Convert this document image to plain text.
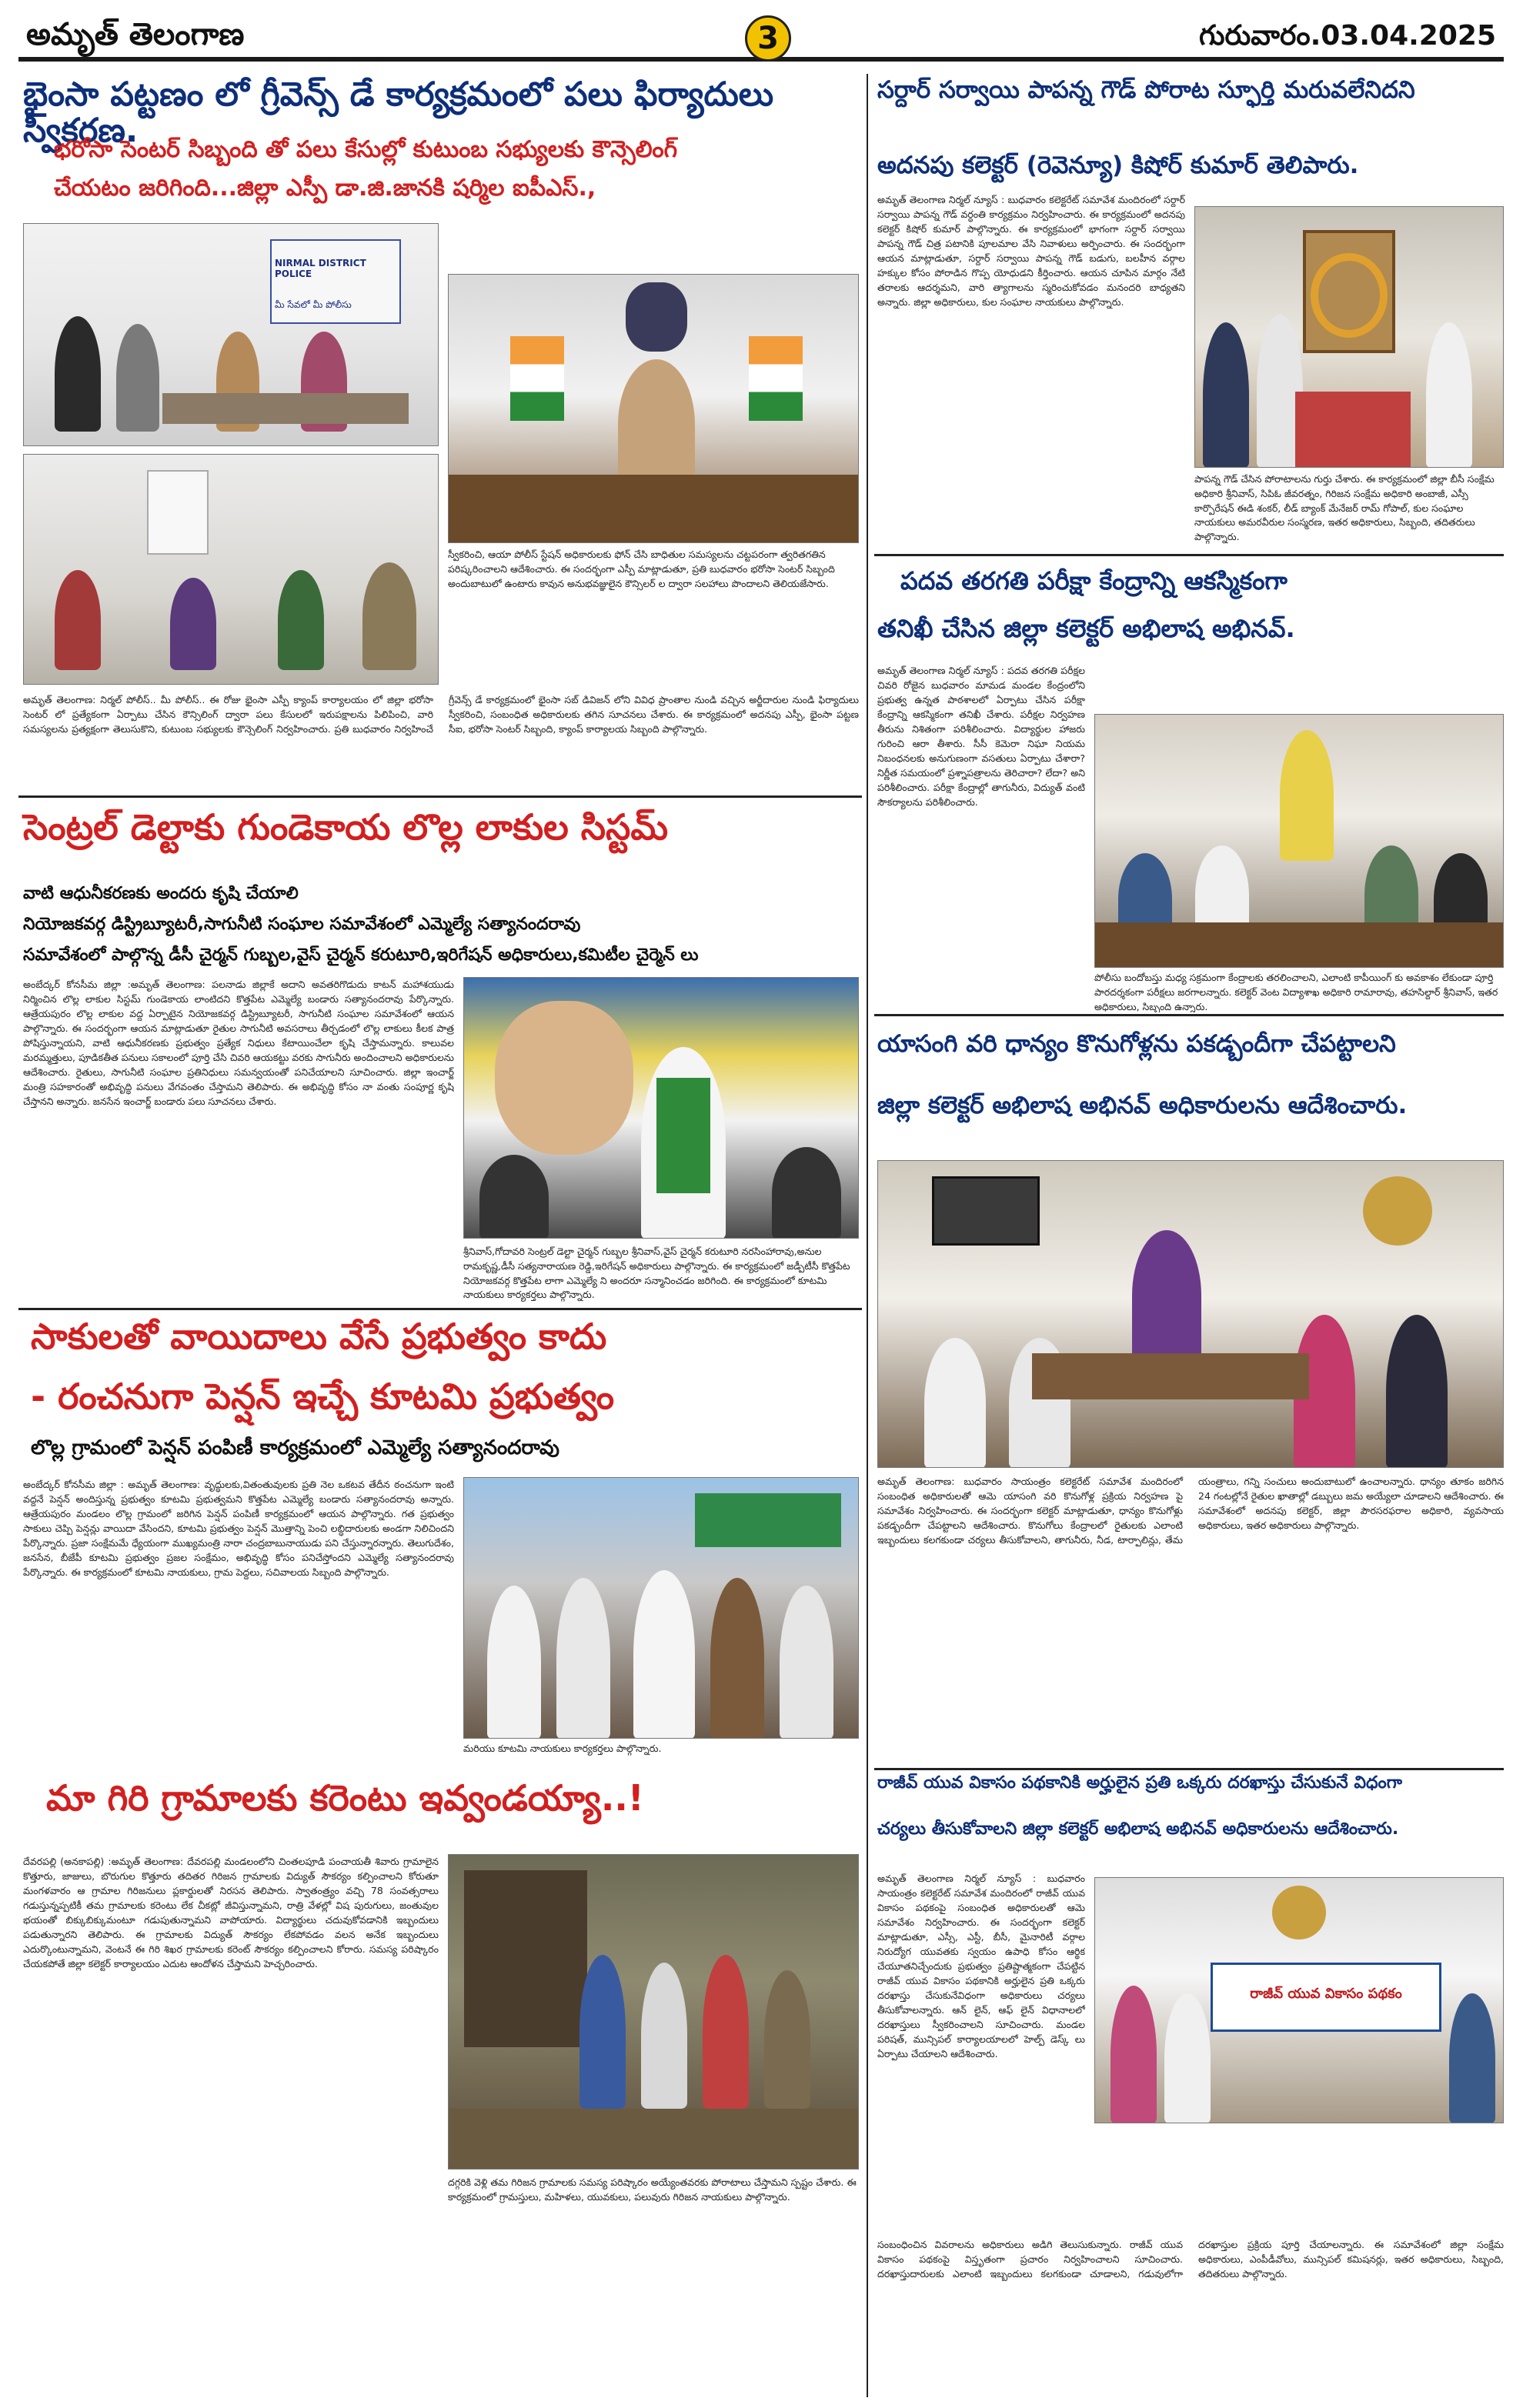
అమృత్ తెలంగాణ	3	గురువారం.03.04.2025
భైంసా పట్టణం లో గ్రీవెన్స్ డే కార్యక్రమంలో పలు ఫిర్యాదులు స్వీకరణ.
భరోసా సెంటర్ సిబ్బంది తో పలు కేసుల్లో కుటుంబ సభ్యులకు కౌన్సెలింగ్
చేయటం జరిగింది...జిల్లా ఎస్పీ డా.జి.జానకి షర్మిల ఐపీఎస్.,
NIRMAL DISTRICT POLICE
మీ సేవలో మీ పోలీసు
స్వీకరించి, ఆయా పోలీస్ స్టేషన్ అధికారులకు ఫోన్ చేసి బాధితుల సమస్యలను చట్టపరంగా త్వరితగతిన పరిష్కరించాలని ఆదేశించారు. ఈ సందర్భంగా ఎస్పీ మాట్లాడుతూ, ప్రతి బుధవారం భరోసా సెంటర్ సిబ్బంది అందుబాటులో ఉంటారు కావున అనుభవజ్ఞులైన కౌన్సిలర్ ల ద్వారా సలహాలు పొందాలని తెలియజేసారు.
అమృత్ తెలంగాణ: నిర్మల్ పోలీస్.. మీ పోలీస్.. ఈ రోజు భైంసా ఎస్పీ క్యాంప్ కార్యాలయం లో జిల్లా భరోసా సెంటర్ లో ప్రత్యేకంగా ఏర్పాటు చేసిన కౌన్సిలింగ్ ద్వారా పలు కేసులలో ఇరుపక్షాలను పిలిపించి, వారి సమస్యలను ప్రత్యక్షంగా తెలుసుకొని, కుటుంబ సభ్యులకు కౌన్సెలింగ్ నిర్వహించారు. ప్రతి బుధవారం నిర్వహించే గ్రీవెన్స్ డే కార్యక్రమంలో భైంసా సబ్ డివిజన్ లోని వివిధ ప్రాంతాల నుండి వచ్చిన అర్జీదారుల నుండి ఫిర్యాదులు స్వీకరించి, సంబంధిత అధికారులకు తగిన సూచనలు చేశారు. ఈ కార్యక్రమంలో అదనపు ఎస్పీ, భైంసా పట్టణ సీఐ, భరోసా సెంటర్ సిబ్బంది, క్యాంప్ కార్యాలయ సిబ్బంది పాల్గొన్నారు.
సెంట్రల్ డెల్టాకు గుండెకాయ లొల్ల లాకుల సిస్టమ్
వాటి ఆధునీకరణకు అందరు కృషి చేయాలి
నియోజకవర్గ డిస్ట్రిబ్యూటరీ,సాగునీటి సంఘాల సమావేశంలో ఎమ్మెల్యే సత్యానందరావు
సమావేశంలో పాల్గొన్న డీసీ చైర్మన్ గుబ్బల,వైస్ చైర్మన్ కరుటూరి,ఇరిగేషన్ అధికారులు,కమిటీల చైర్మెన్ లు
అంబేద్కర్ కోనసీమ జిల్లా :అమృత్ తెలంగాణ: పలనాడు జిల్లాకే అదాని అవతరిగొడుదు కాటన్ మహాశయుడు నిర్మించిన లొల్ల లాకుల సిస్టమ్ గుండెకాయ లాంటిదని కొత్తపేట ఎమ్మెల్యే బండారు సత్యానందరావు పేర్కొన్నారు. ఆత్రేయపురం లొల్ల లాకుల వద్ద ఏర్పాటైన నియోజకవర్గ డిస్ట్రిబ్యూటరీ, సాగునీటి సంఘాల సమావేశంలో ఆయన పాల్గొన్నారు. ఈ సందర్భంగా ఆయన మాట్లాడుతూ రైతుల సాగునీటి అవసరాలు తీర్చడంలో లొల్ల లాకులు కీలక పాత్ర పోషిస్తున్నాయని, వాటి ఆధునీకరణకు ప్రభుత్వం ప్రత్యేక నిధులు కేటాయించేలా కృషి చేస్తామన్నారు. కాలువల మరమ్మత్తులు, పూడికతీత పనులు సకాలంలో పూర్తి చేసి చివరి ఆయకట్టు వరకు సాగునీరు అందించాలని అధికారులను ఆదేశించారు. రైతులు, సాగునీటి సంఘాల ప్రతినిధులు సమన్వయంతో పనిచేయాలని సూచించారు. జిల్లా ఇంచార్జ్ మంత్రి సహకారంతో అభివృద్ధి పనులు వేగవంతం చేస్తామని తెలిపారు. ఈ అభివృద్ధి కోసం నా వంతు సంపూర్ణ కృషి చేస్తానని అన్నారు. జనసేన ఇంచార్జ్ బండారు పలు సూచనలు చేశారు.
శ్రీనివాస్,గోదావరి సెంట్రల్ డెల్టా చైర్మన్ గుబ్బల శ్రీనివాస్,వైస్ చైర్మన్ కరుటూరి నరసింహారావు,అనుల రామకృష్ణ,డీసీ సత్యనారాయణ రెడ్డి,ఇరిగేషన్ అధికారులు పాల్గొన్నారు. ఈ కార్యక్రమంలో జడ్పీటీసీ కొత్తపేట నియోజకవర్గ కొత్తపేట లాగా ఎమ్మెల్యే ని అందరూ సన్మానించడం జరిగింది. ఈ కార్యక్రమంలో కూటమి నాయకులు కార్యకర్తలు పాల్గొన్నారు.
సాకులతో వాయిదాలు వేసే ప్రభుత్వం కాదు
- రంచనుగా పెన్షన్ ఇచ్చే కూటమి ప్రభుత్వం
లొల్ల గ్రామంలో పెన్షన్ పంపిణీ కార్యక్రమంలో ఎమ్మెల్యే సత్యానందరావు
అంబేద్కర్ కోనసీమ జిల్లా : అమృత్ తెలంగాణ: వృద్ధులకు,వితంతువులకు ప్రతి నెల ఒకటవ తేదీన ఠంచనుగా ఇంటి వద్దనే పెన్షన్ అందిస్తున్న ప్రభుత్వం కూటమి ప్రభుత్వమని కొత్తపేట ఎమ్మెల్యే బండారు సత్యానందరావు అన్నారు. ఆత్రేయపురం మండలం లొల్ల గ్రామంలో జరిగిన పెన్షన్ పంపిణీ కార్యక్రమంలో ఆయన పాల్గొన్నారు. గత ప్రభుత్వం సాకులు చెప్పి పెన్షన్లు వాయిదా వేసిందని, కూటమి ప్రభుత్వం పెన్షన్ మొత్తాన్ని పెంచి లబ్ధిదారులకు అండగా నిలిచిందని పేర్కొన్నారు. ప్రజా సంక్షేమమే ధ్యేయంగా ముఖ్యమంత్రి నారా చంద్రబాబునాయుడు పని చేస్తున్నారన్నారు. తెలుగుదేశం, జనసేన, బీజేపీ కూటమి ప్రభుత్వం ప్రజల సంక్షేమం, అభివృద్ధి కోసం పనిచేస్తోందని ఎమ్మెల్యే సత్యానందరావు పేర్కొన్నారు. ఈ కార్యక్రమంలో కూటమి నాయకులు, గ్రామ పెద్దలు, సచివాలయ సిబ్బంది పాల్గొన్నారు.
మరియు కూటమి నాయకులు కార్యకర్తలు పాల్గొన్నారు.
మా గిరి గ్రామాలకు కరెంటు ఇవ్వండయ్యా..!
దేవరపల్లి (అనకాపల్లి) :అమృత్ తెలంగాణ: దేవరపల్లి మండలంలోని చింతలపూడి పంచాయతీ శివారు గ్రామాలైన కొత్తూరు, జాజులు, బొరుగుల కొత్తూరు తదితర గిరిజన గ్రామాలకు విద్యుత్ సౌకర్యం కల్పించాలని కోరుతూ మంగళవారం ఆ గ్రామాల గిరిజనులు ప్లకార్డులతో నిరసన తెలిపారు. స్వాతంత్ర్యం వచ్చి 78 సంవత్సరాలు గడుస్తున్నప్పటికీ తమ గ్రామాలకు కరెంటు లేక చీకట్లో జీవిస్తున్నామని, రాత్రి వేళల్లో విష పురుగులు, జంతువుల భయంతో బిక్కుబిక్కుమంటూ గడుపుతున్నామని వాపోయారు. విద్యార్థులు చదువుకోవడానికి ఇబ్బందులు పడుతున్నారని తెలిపారు. ఈ గ్రామాలకు విద్యుత్ సౌకర్యం లేకపోవడం వలన అనేక ఇబ్బందులు ఎదుర్కొంటున్నామని, వెంటనే ఈ గిరి శిఖర గ్రామాలకు కరెంట్ సౌకర్యం కల్పించాలని కోరారు. సమస్య పరిష్కారం చేయకపోతే జిల్లా కలెక్టర్ కార్యాలయం ఎదుట ఆందోళన చేస్తామని హెచ్చరించారు.
దగ్గరికి వెళ్లి తమ గిరిజన గ్రామాలకు సమస్య పరిష్కారం అయ్యేంతవరకు పోరాటాలు చేస్తామని స్పష్టం చేశారు. ఈ కార్యక్రమంలో గ్రామస్తులు, మహిళలు, యువకులు, పలువురు గిరిజన నాయకులు పాల్గొన్నారు.
సర్దార్ సర్వాయి పాపన్న గౌడ్ పోరాట స్ఫూర్తి మరువలేనిదని
అదనపు కలెక్టర్ (రెవెన్యూ) కిషోర్ కుమార్ తెలిపారు.
అమృత్ తెలంగాణ నిర్మల్ న్యూస్ : బుధవారం కలెక్టరేట్ సమావేశ మందిరంలో సర్దార్ సర్వాయి పాపన్న గౌడ్ వర్ధంతి కార్యక్రమం నిర్వహించారు. ఈ కార్యక్రమంలో అదనపు కలెక్టర్ కిషోర్ కుమార్ పాల్గొన్నారు. ఈ కార్యక్రమంలో భాగంగా సర్దార్ సర్వాయి పాపన్న గౌడ్ చిత్ర పటానికి పూలమాల వేసి నివాళులు అర్పించారు. ఈ సందర్భంగా ఆయన మాట్లాడుతూ, సర్దార్ సర్వాయి పాపన్న గౌడ్ బడుగు, బలహీన వర్గాల హక్కుల కోసం పోరాడిన గొప్ప యోధుడని కీర్తించారు. ఆయన చూపిన మార్గం నేటి తరాలకు ఆదర్శమని, వారి త్యాగాలను స్మరించుకోవడం మనందరి బాధ్యతని అన్నారు. జిల్లా అధికారులు, కుల సంఘాల నాయకులు పాల్గొన్నారు.
పాపన్న గౌడ్ చేసిన పోరాటాలను గుర్తు చేశారు. ఈ కార్యక్రమంలో జిల్లా బీసీ సంక్షేమ అధికారి శ్రీనివాస్, సిపిఓ జీవరత్నం, గిరిజన సంక్షేమ అధికారి అంబాజీ, ఎస్సీ కార్పొరేషన్ ఈడి శంకర్, లీడ్ బ్యాంక్ మేనేజర్ రామ్ గోపాల్, కుల సంఘాల నాయకులు అమరవీరుల సంస్మరణ, ఇతర అధికారులు, సిబ్బంది, తదితరులు పాల్గొన్నారు.
పదవ తరగతి పరీక్షా కేంద్రాన్ని ఆకస్మికంగా
తనిఖీ చేసిన జిల్లా కలెక్టర్ అభిలాష అభినవ్.
అమృత్ తెలంగాణ నిర్మల్ న్యూస్ : పదవ తరగతి పరీక్షల చివరి రోజైన బుధవారం మామడ మండల కేంద్రంలోని ప్రభుత్వ ఉన్నత పాఠశాలలో ఏర్పాటు చేసిన పరీక్షా కేంద్రాన్ని ఆకస్మికంగా తనిఖీ చేశారు. పరీక్షల నిర్వహణ తీరును నిశితంగా పరిశీలించారు. విద్యార్థుల హాజరు గురించి ఆరా తీశారు. సీసీ కెమెరా నిఘా నియమ నిబంధనలకు అనుగుణంగా వసతులు ఏర్పాటు చేశారా? నిర్ణీత సమయంలో ప్రశ్నాపత్రాలను తెరిచారా? లేదా? అని పరిశీలించారు. పరీక్షా కేంద్రాల్లో తాగునీరు, విద్యుత్ వంటి సౌకర్యాలను పరిశీలించారు.
పోలీసు బందోబస్తు మధ్య సక్రమంగా కేంద్రాలకు తరలించాలని, ఎలాంటి కాపీయింగ్ కు అవకాశం లేకుండా పూర్తి పారదర్శకంగా పరీక్షలు జరగాలన్నారు. కలెక్టర్ వెంట విద్యాశాఖ అధికారి రామారావు, తహసిల్దార్ శ్రీనివాస్, ఇతర అధికారులు, సిబ్బంది ఉన్నారు.
యాసంగి వరి ధాన్యం కొనుగోళ్లను పకడ్బందీగా చేపట్టాలని
జిల్లా కలెక్టర్ అభిలాష అభినవ్ అధికారులను ఆదేశించారు.
అమృత్ తెలంగాణ: బుధవారం సాయంత్రం కలెక్టరేట్ సమావేశ మందిరంలో సంబంధిత అధికారులతో ఆమె యాసంగి వరి కొనుగోళ్ల ప్రక్రియ నిర్వహణ పై సమావేశం నిర్వహించారు. ఈ సందర్భంగా కలెక్టర్ మాట్లాడుతూ, ధాన్యం కొనుగోళ్లు పకడ్బందీగా చేపట్టాలని ఆదేశించారు. కొనుగోలు కేంద్రాలలో రైతులకు ఎలాంటి ఇబ్బందులు కలగకుండా చర్యలు తీసుకోవాలని, తాగునీరు, నీడ, టార్పాలిన్లు, తేమ యంత్రాలు, గన్ని సంచులు అందుబాటులో ఉంచాలన్నారు. ధాన్యం తూకం జరిగిన 24 గంటల్లోనే రైతుల ఖాతాల్లో డబ్బులు జమ అయ్యేలా చూడాలని ఆదేశించారు. ఈ సమావేశంలో అదనపు కలెక్టర్, జిల్లా పౌరసరఫరాల అధికారి, వ్యవసాయ అధికారులు, ఇతర అధికారులు పాల్గొన్నారు.
రాజీవ్ యువ వికాసం పథకానికి అర్హులైన ప్రతి ఒక్కరు దరఖాస్తు చేసుకునే విధంగా
చర్యలు తీసుకోవాలని జిల్లా కలెక్టర్ అభిలాష అభినవ్ అధికారులను ఆదేశించారు.
అమృత్ తెలంగాణ నిర్మల్ న్యూస్ : బుధవారం సాయంత్రం కలెక్టరేట్ సమావేశ మందిరంలో రాజీవ్ యువ వికాసం పథకంపై సంబంధిత అధికారులతో ఆమె సమావేశం నిర్వహించారు. ఈ సందర్భంగా కలెక్టర్ మాట్లాడుతూ, ఎస్సీ, ఎస్టీ, బీసీ, మైనారిటీ వర్గాల నిరుద్యోగ యువతకు స్వయం ఉపాధి కోసం ఆర్థిక చేయూతనిచ్చేందుకు ప్రభుత్వం ప్రతిష్టాత్మకంగా చేపట్టిన రాజీవ్ యువ వికాసం పథకానికి అర్హులైన ప్రతి ఒక్కరు దరఖాస్తు చేసుకునేవిధంగా అధికారులు చర్యలు తీసుకోవాలన్నారు. ఆన్ లైన్, ఆఫ్ లైన్ విధానాలలో దరఖాస్తులు స్వీకరించాలని సూచించారు. మండల పరిషత్, మున్సిపల్ కార్యాలయాలలో హెల్ప్ డెస్క్ లు ఏర్పాటు చేయాలని ఆదేశించారు.
రాజీవ్ యువ వికాసం పథకం
సంబంధించిన వివరాలను అధికారులు అడిగి తెలుసుకున్నారు. రాజీవ్ యువ వికాసం పథకంపై విస్తృతంగా ప్రచారం నిర్వహించాలని సూచించారు. దరఖాస్తుదారులకు ఎలాంటి ఇబ్బందులు కలగకుండా చూడాలని, గడువులోగా దరఖాస్తుల ప్రక్రియ పూర్తి చేయాలన్నారు. ఈ సమావేశంలో జిల్లా సంక్షేమ అధికారులు, ఎంపీడీవోలు, మున్సిపల్ కమిషనర్లు, ఇతర అధికారులు, సిబ్బంది, తదితరులు పాల్గొన్నారు.
